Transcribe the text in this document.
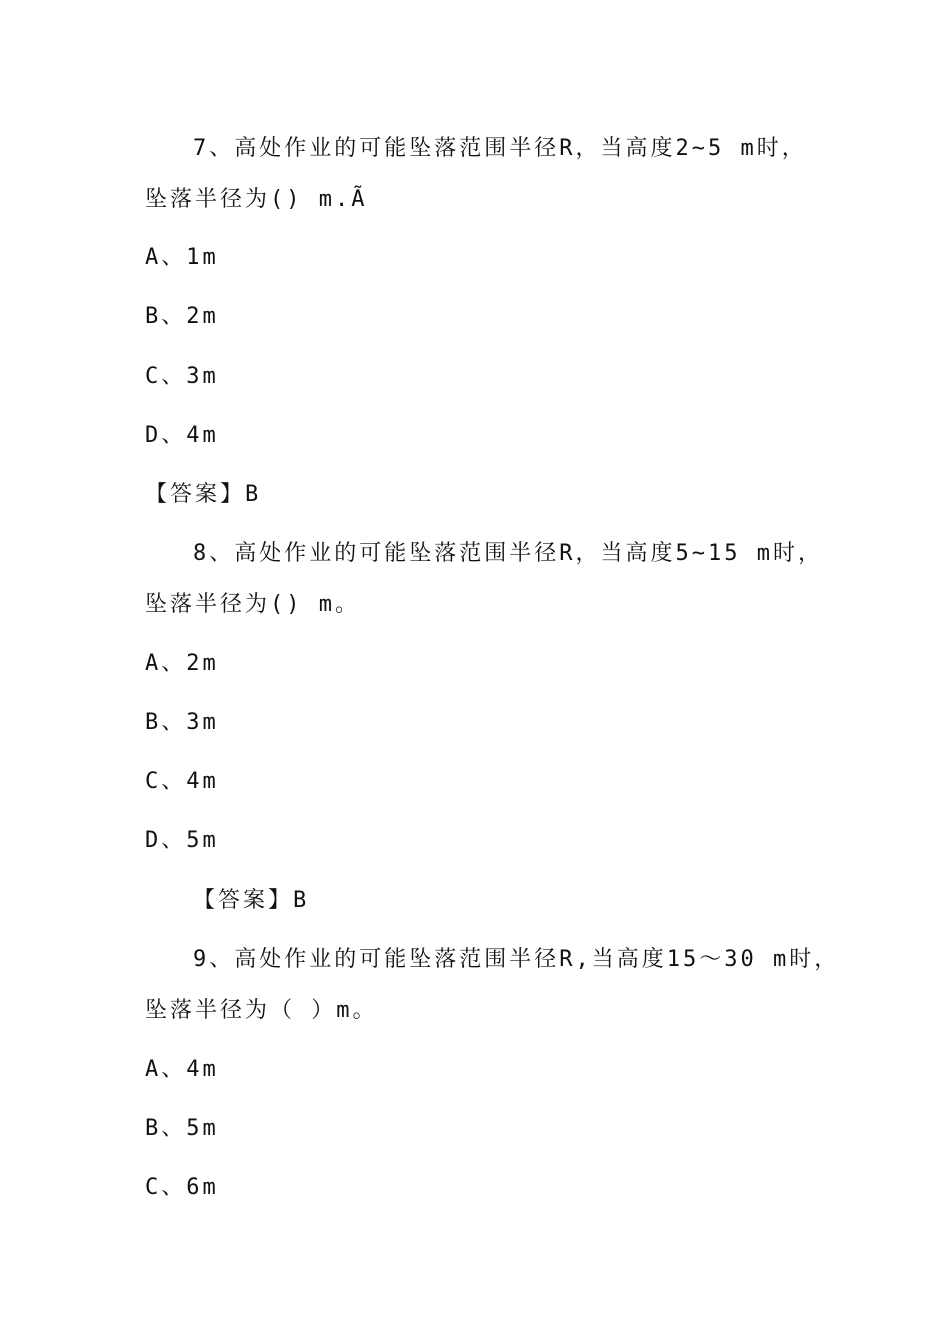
7、高处作业的可能坠落范围半径R，当高度2~5 m时，
坠落半径为() m.Ã
A、1m
B、2m
C、3m
D、4m
【答案】B
8、高处作业的可能坠落范围半径R，当高度5~15 m时，
坠落半径为() m。
A、2m
B、3m
C、4m
D、5m
【答案】B
9、高处作业的可能坠落范围半径R,当高度15～30 m时，
坠落半径为（ ）m。
A、4m
B、5m
C、6m
